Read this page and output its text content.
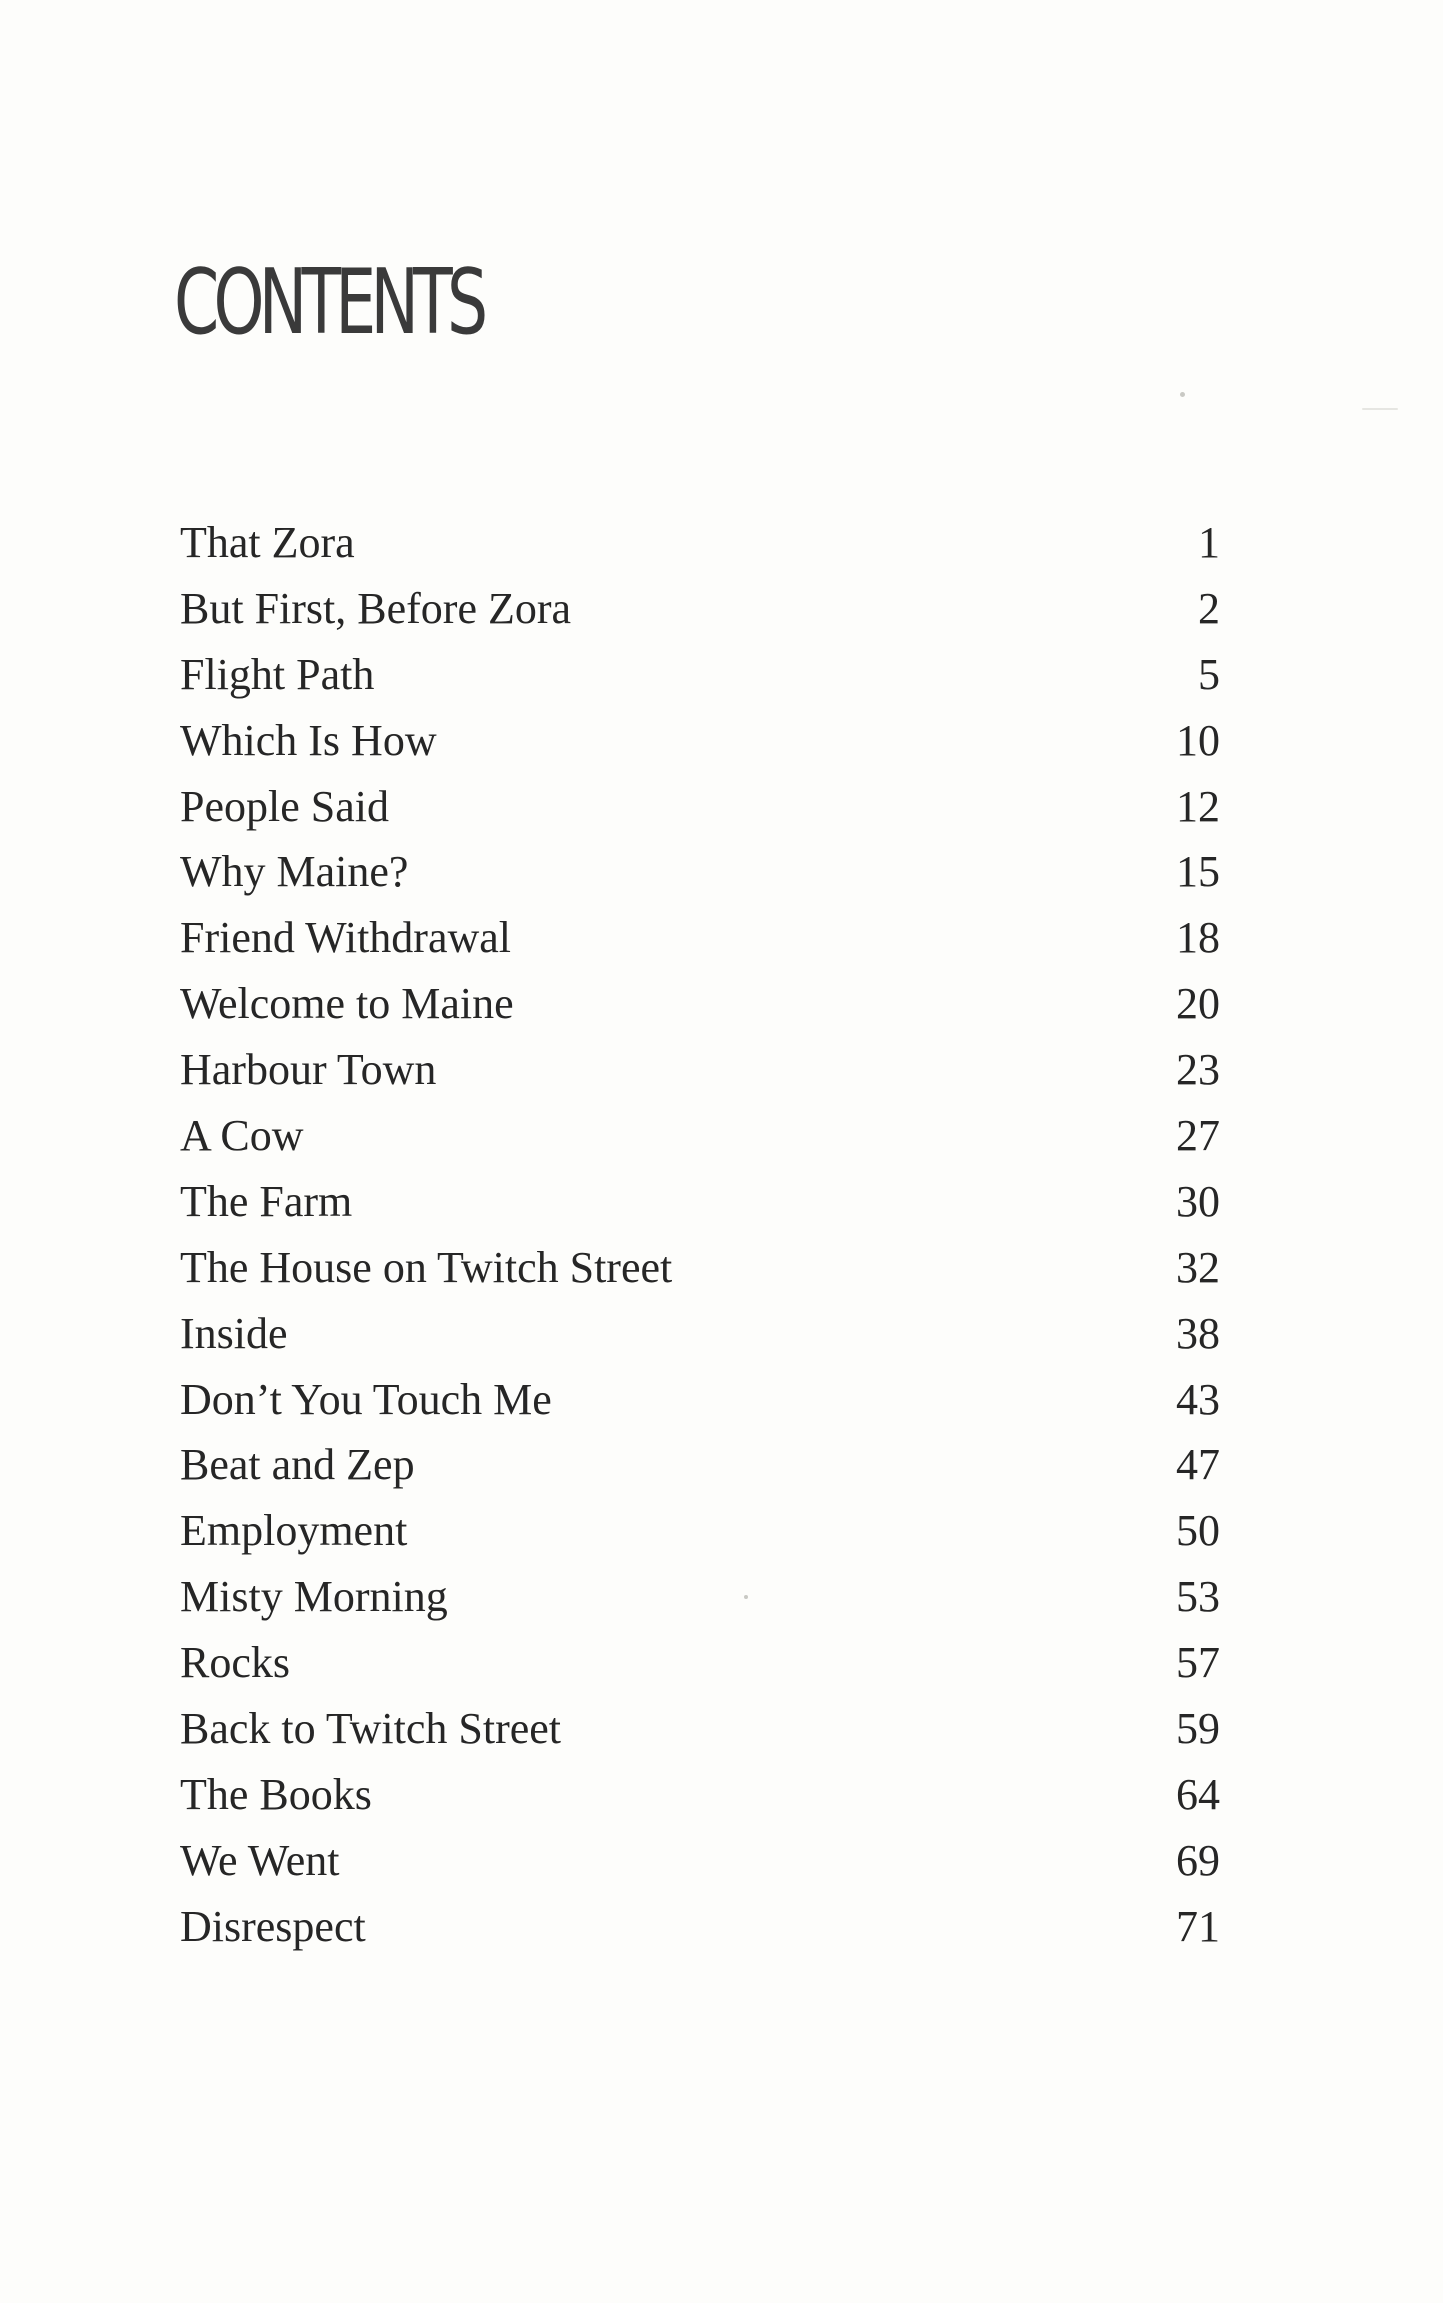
CONTENTS
That Zora	1
But First, Before Zora	2
Flight Path	5
Which Is How	10
People Said	12
Why Maine?	15
Friend Withdrawal	18
Welcome to Maine	20
Harbour Town	23
A Cow	27
The Farm	30
The House on Twitch Street	32
Inside	38
Don’t You Touch Me	43
Beat and Zep	47
Employment	50
Misty Morning	53
Rocks	57
Back to Twitch Street	59
The Books	64
We Went	69
Disrespect	71
